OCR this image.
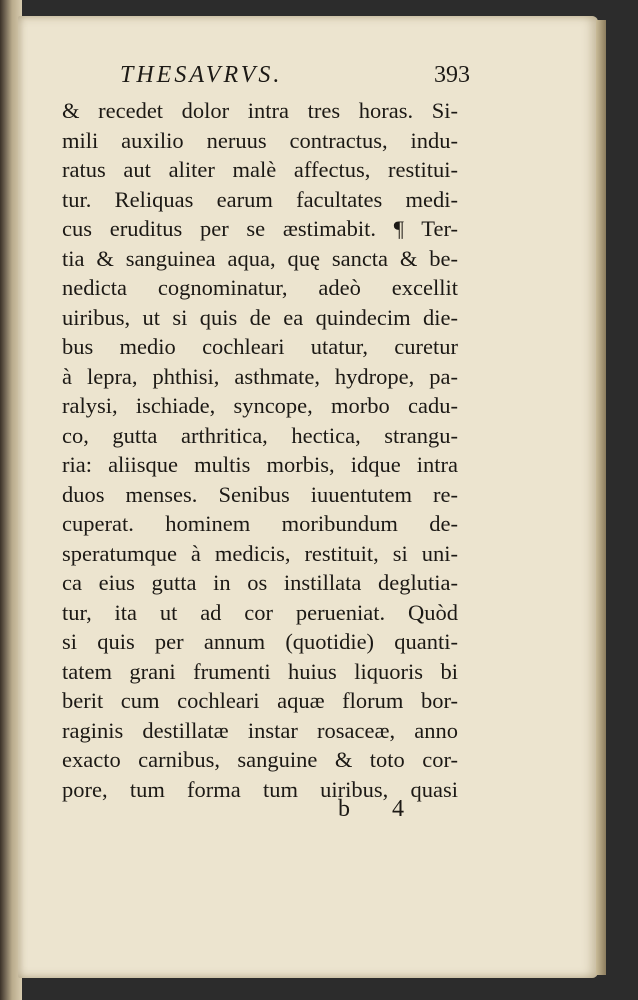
THESAVRVS.	393
& recedet dolor intra tres horas. Si-
mili auxilio neruus contractus, indu-
ratus aut aliter malè affectus, restitui-
tur. Reliquas earum facultates medi-
cus eruditus per se æstimabit. ¶ Ter-
tia & sanguinea aqua, quę sancta & be-
nedicta cognominatur, adeò excellit
uiribus, ut si quis de ea quindecim die-
bus medio cochleari utatur, curetur
à lepra, phthisi, asthmate, hydrope, pa-
ralysi, ischiade, syncope, morbo cadu-
co, gutta arthritica, hectica, strangu-
ria: aliisque multis morbis, idque intra
duos menses. Senibus iuuentutem re-
cuperat. hominem moribundum de-
speratumque à medicis, restituit, si uni-
ca eius gutta in os instillata deglutia-
tur, ita ut ad cor perueniat. Quòd
si quis per annum (quotidie) quanti-
tatem grani frumenti huius liquoris bi
berit cum cochleari aquæ florum bor-
raginis destillatæ instar rosaceæ, anno
exacto carnibus, sanguine & toto cor-
pore, tum forma tum uiribus, quasi
b 4
